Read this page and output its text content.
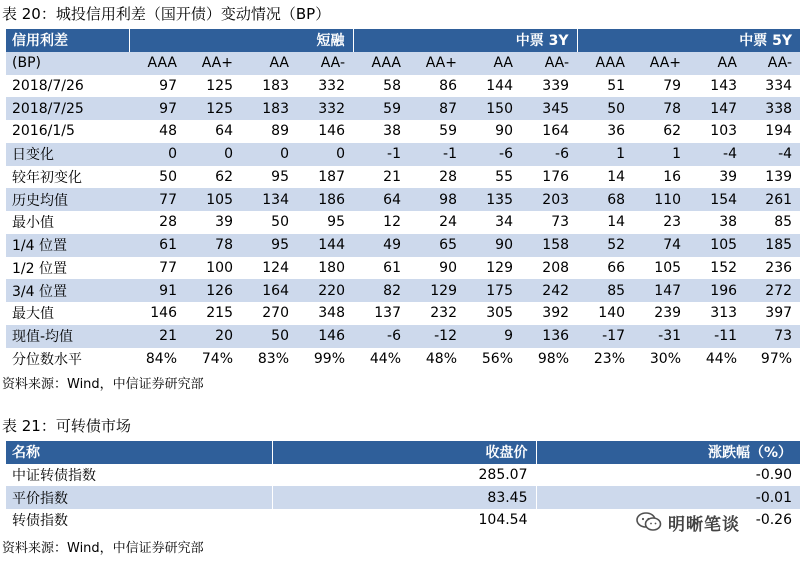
表 20：城投信用利差（国开债）变动情况（BP）
信用利差	短融				中票 3Y				中票 5Y			
(BP)	AAA	AA+	AA	AA-	AAA	AA+	AA	AA-	AAA	AA+	AA	AA-
2018/7/26	97	125	183	332	58	86	144	339	51	79	143	334
2018/7/25	97	125	183	332	59	87	150	345	50	78	147	338
2016/1/5	48	64	89	146	38	59	90	164	36	62	103	194
日变化	0	0	0	0	-1	-1	-6	-6	1	1	-4	-4
较年初变化	50	62	95	187	21	28	55	176	14	16	39	139
历史均值	77	105	134	186	64	98	135	203	68	110	154	261
最小值	28	39	50	95	12	24	34	73	14	23	38	85
1/4 位置	61	78	95	144	49	65	90	158	52	74	105	185
1/2 位置	77	100	124	180	61	90	129	208	66	105	152	236
3/4 位置	91	126	164	220	82	129	175	242	85	147	196	272
最大值	146	215	270	348	137	232	305	392	140	239	313	397
现值-均值	21	20	50	146	-6	-12	9	136	-17	-31	-11	73
分位数水平	84%	74%	83%	99%	44%	48%	56%	98%	23%	30%	44%	97%
资料来源：Wind，中信证券研究部
表 21：可转债市场
名称	收盘价	涨跌幅（%）
中证转债指数	285.07	-0.90
平价指数	83.45	-0.01
转债指数	104.54	-0.26
资料来源：Wind，中信证券研究部
明晰笔谈
